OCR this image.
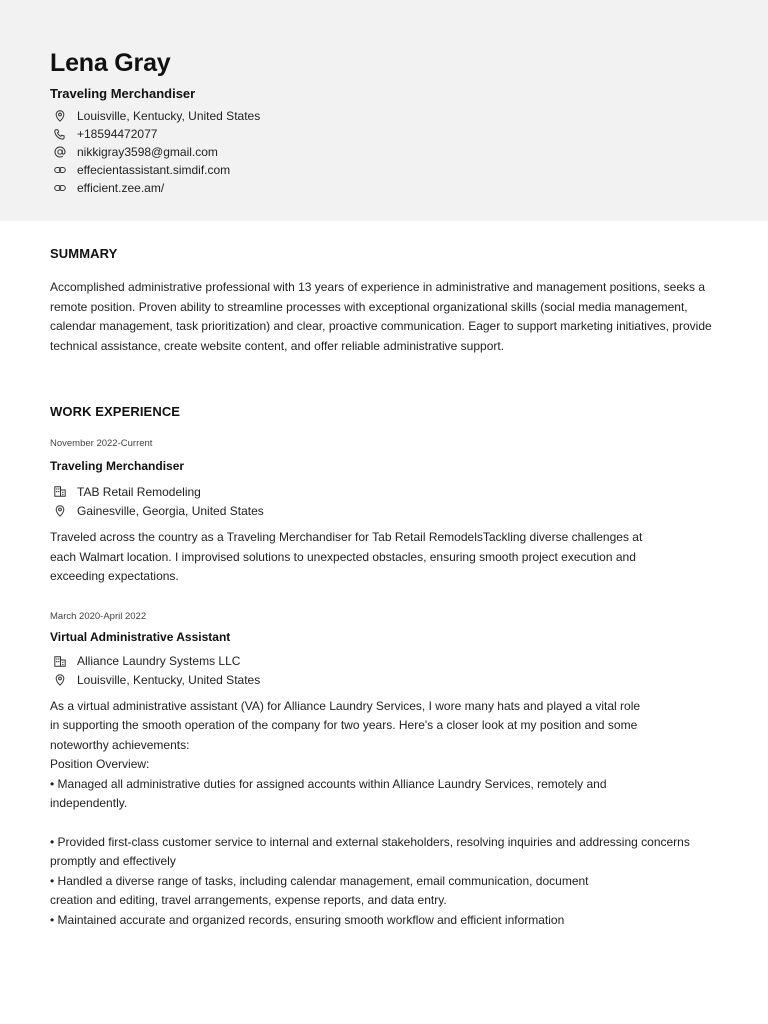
Lena Gray
Traveling Merchandiser
Louisville, Kentucky, United States
+18594472077
nikkigray3598@gmail.com
effecientassistant.simdif.com
efficient.zee.am/
SUMMARY
Accomplished administrative professional with 13 years of experience in administrative and management positions, seeks a remote position. Proven ability to streamline processes with exceptional organizational skills (social media management, calendar management, task prioritization) and clear, proactive communication. Eager to support marketing initiatives, provide technical assistance, create website content, and offer reliable administrative support.
WORK EXPERIENCE
November 2022-Current
Traveling Merchandiser
TAB Retail Remodeling
Gainesville, Georgia, United States
Traveled across the country as a Traveling Merchandiser for Tab Retail RemodelsTackling diverse challenges at each Walmart location. I improvised solutions to unexpected obstacles, ensuring smooth project execution and exceeding expectations.
March 2020-April 2022
Virtual Administrative Assistant
Alliance Laundry Systems LLC
Louisville, Kentucky, United States
As a virtual administrative assistant (VA) for Alliance Laundry Services, I wore many hats and played a vital role in supporting the smooth operation of the company for two years. Here's a closer look at my position and some noteworthy achievements:
Position Overview:
• Managed all administrative duties for assigned accounts within Alliance Laundry Services, remotely and independently.
• Provided first-class customer service to internal and external stakeholders, resolving inquiries and addressing concerns promptly and effectively
• Handled a diverse range of tasks, including calendar management, email communication, document
creation and editing, travel arrangements, expense reports, and data entry.
• Maintained accurate and organized records, ensuring smooth workflow and efficient information
